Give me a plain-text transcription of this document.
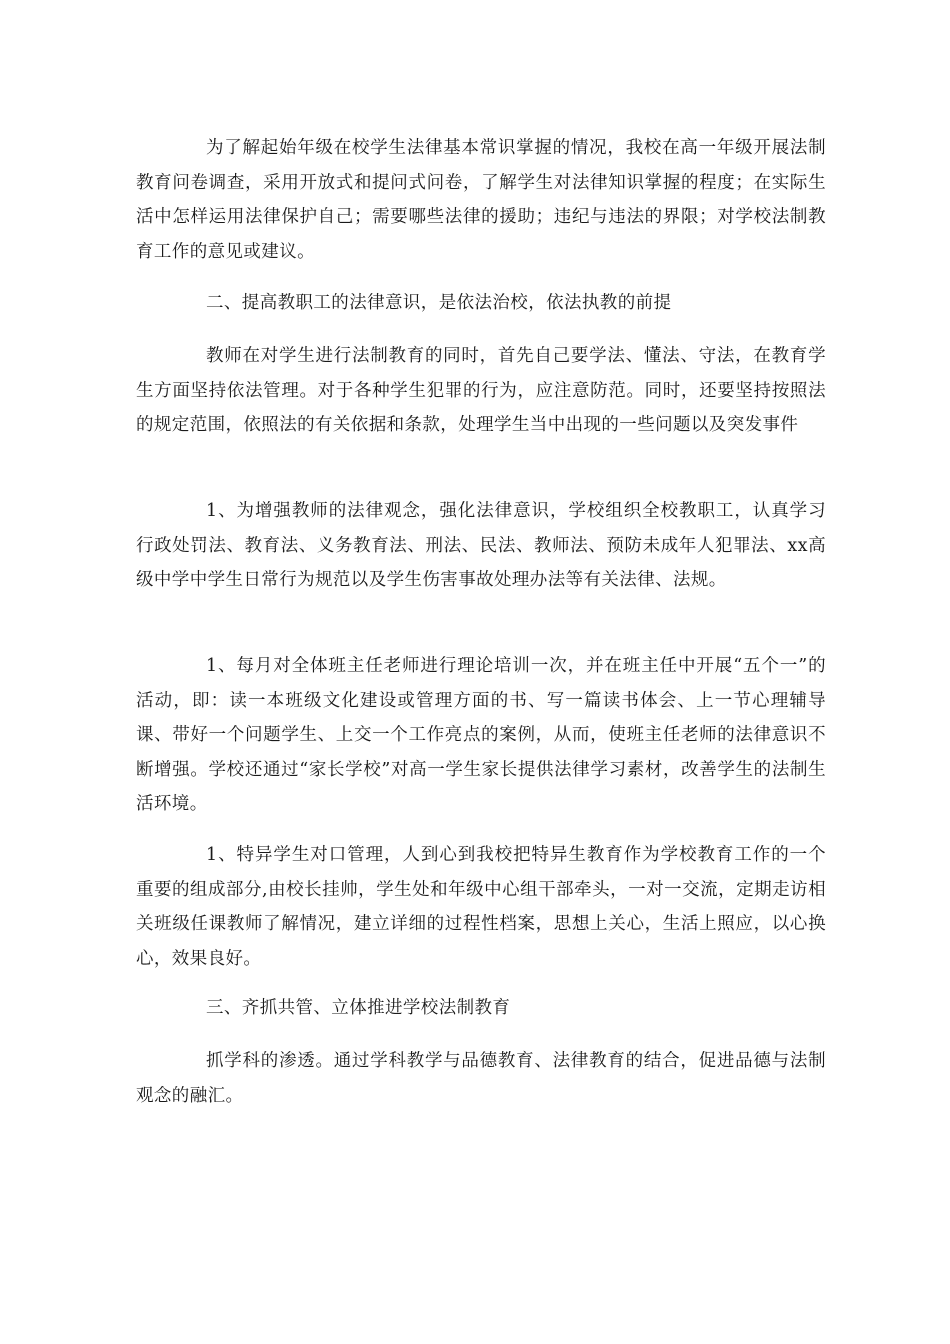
为了解起始年级在校学生法律基本常识掌握的情况，我校在高一年级开展法制教育问卷调查，采用开放式和提问式问卷，了解学生对法律知识掌握的程度；在实际生活中怎样运用法律保护自己；需要哪些法律的援助；违纪与违法的界限；对学校法制教育工作的意见或建议。

二、提高教职工的法律意识，是依法治校，依法执教的前提

教师在对学生进行法制教育的同时，首先自己要学法、懂法、守法，在教育学生方面坚持依法管理。对于各种学生犯罪的行为，应注意防范。同时，还要坚持按照法的规定范围，依照法的有关依据和条款，处理学生当中出现的一些问题以及突发事件

1、为增强教师的法律观念，强化法律意识，学校组织全校教职工，认真学习行政处罚法、教育法、义务教育法、刑法、民法、教师法、预防未成年人犯罪法、xx高级中学中学生日常行为规范以及学生伤害事故处理办法等有关法律、法规。

1、每月对全体班主任老师进行理论培训一次，并在班主任中开展“五个一”的活动，即：读一本班级文化建设或管理方面的书、写一篇读书体会、上一节心理辅导课、带好一个问题学生、上交一个工作亮点的案例，从而，使班主任老师的法律意识不断增强。学校还通过“家长学校”对高一学生家长提供法律学习素材，改善学生的法制生活环境。

1、特异学生对口管理，人到心到我校把特异生教育作为学校教育工作的一个重要的组成部分,由校长挂帅，学生处和年级中心组干部牵头，一对一交流，定期走访相关班级任课教师了解情况，建立详细的过程性档案，思想上关心，生活上照应，以心换心，效果良好。

三、齐抓共管、立体推进学校法制教育

抓学科的渗透。通过学科教学与品德教育、法律教育的结合，促进品德与法制观念的融汇。
